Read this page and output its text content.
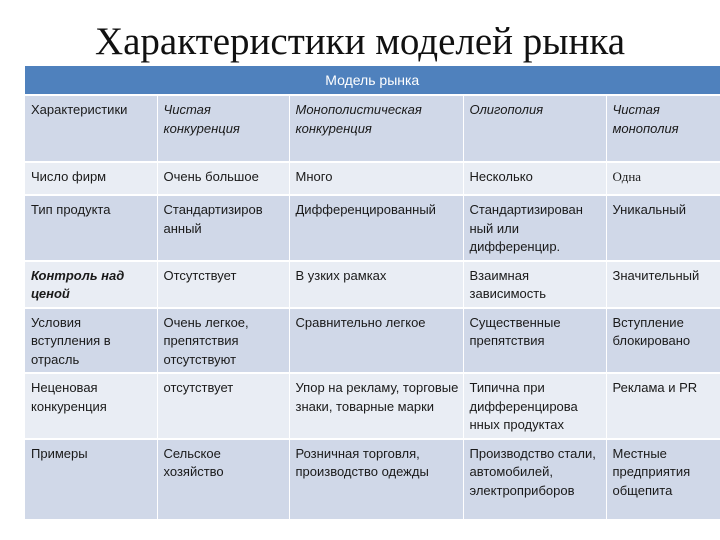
Характеристики моделей рынка
Модель рынка				
Характеристики	Чистая конкуренция	Монополистическая конкуренция	Олигополия	Чистая монополия
Число фирм	Очень большое	Много	Несколько	Одна
Тип продукта	Стандартизиров анный	Дифференцированный	Стандартизирован ный или дифференцир.	Уникальный
Контроль над ценой	Отсутствует	В узких рамках	Взаимная зависимость	Значительный
Условия вступления в отрасль	Очень легкое, препятствия отсутствуют	Сравнительно легкое	Существенные препятствия	Вступление блокировано
Неценовая конкуренция	отсутствует	Упор на рекламу, торговые знаки, товарные марки	Типична при дифференцирова нных продуктах	Реклама и PR
Примеры	Сельское хозяйство	Розничная торговля, производство одежды	Производство стали, автомобилей, электроприборов	Местные предприятия общепита
